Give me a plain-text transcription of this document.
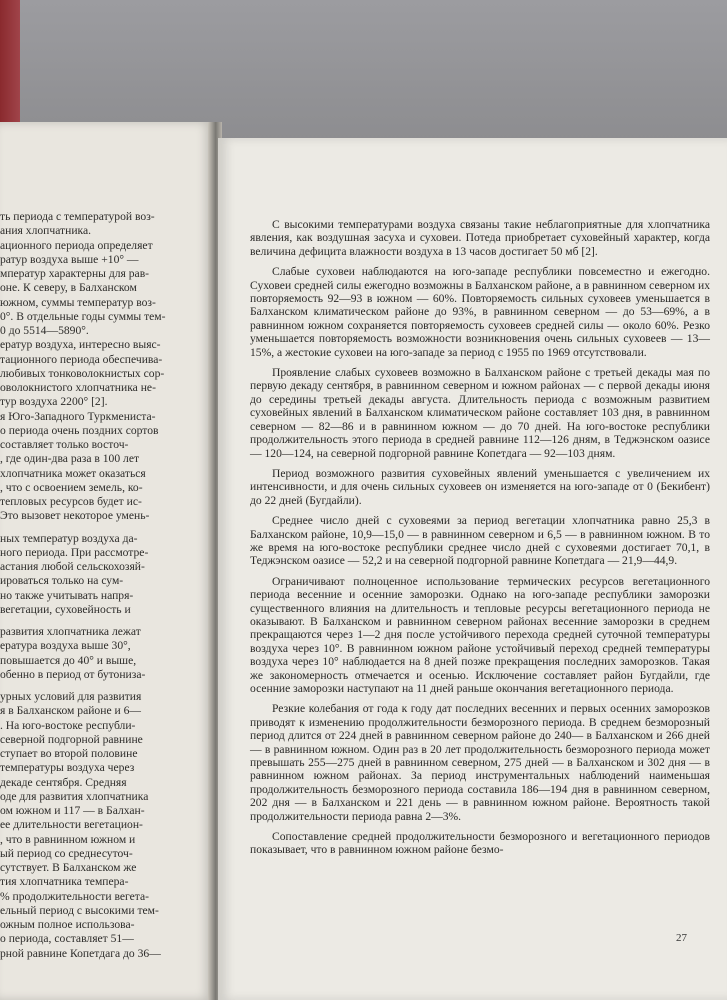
ть периода с температурой воз-
ания хлопчатника.
ационного периода определяет
ратур воздуха выше +10° —
мператур характерны для рав-
оне. К северу, в Балханском
южном, суммы температур воз-
0°. В отдельные годы суммы тем-
0 до 5514—5890°.
ератур воздуха, интересно выяс-
тационного периода обеспечива-
любивых тонковолокнистых сор-
оволокнистого хлопчатника не-
тур воздуха 2200° [2].
я Юго-Западного Туркмениста-
о периода очень поздних сортов
составляет только восточ-
, где один-два раза в 100 лет
хлопчатника может оказаться
, что с освоением земель, ко-
тепловых ресурсов будет ис-
Это вызовет некоторое умень-
ных температур воздуха да-
ного периода. При рассмотре-
астания любой сельскохозяй-
ироваться только на сум-
но также учитывать напря-
вегетации, суховейность и
развития хлопчатника лежат
ература воздуха выше 30°,
повышается до 40° и выше,
обенно в период от бутониза-
урных условий для развития
я в Балханском районе и 6—
. На юго-востоке республи-
северной подгорной равнине
ступает во второй половине
температуры воздуха через
декаде сентября. Средняя
оде для развития хлопчатника
ом южном и 117 — в Балхан-
ее длительности вегетацион-
, что в равнинном южном и
ый период со среднесуточ-
сутствует. В Балханском же
тия хлопчатника темпера-
% продолжительности вегета-
ельный период с высокими тем-
ожным полное использова-
о периода, составляет 51—
рной равнине Копетдага до 36—

С высокими температурами воздуха связаны такие неблагоприятные для хлопчатника явления, как воздушная засуха и суховеи. Потеда приобретает суховейный характер, когда величина дефицита влажности воздуха в 13 часов достигает 50 мб [2].

Слабые суховеи наблюдаются на юго-западе республики повсеместно и ежегодно. Суховеи средней силы ежегодно возможны в Балханском районе, а в равнинном северном их повторяемость 92—93 в южном — 60%. Повторяемость сильных суховеев уменьшается в Балханском климатическом районе до 93%, в равнинном северном — до 53—69%, а в равнинном южном сохраняется повторяемость суховеев средней силы — около 60%. Резко уменьшается повторяемость возможности возникновения очень сильных суховеев — 13—15%, а жестокие суховеи на юго-западе за период с 1955 по 1969 отсутствовали.

Проявление слабых суховеев возможно в Балханском районе с третьей декады мая по первую декаду сентября, в равнинном северном и южном районах — с первой декады июня до середины третьей декады августа. Длительность периода с возможным развитием суховейных явлений в Балханском климатическом районе составляет 103 дня, в равнинном северном — 82—86 и в равнинном южном — до 70 дней. На юго-востоке республики продолжительность этого периода в средней равнине 112—126 дням, в Теджэнском оазисе — 120—124, на северной подгорной равнине Копетдага — 92—103 дням.

Период возможного развития суховейных явлений уменьшается с увеличением их интенсивности, и для очень сильных суховеев он изменяется на юго-западе от 0 (Бекибент) до 22 дней (Бугдайли).

Среднее число дней с суховеями за период вегетации хлопчатника равно 25,3 в Балханском районе, 10,9—15,0 — в равнинном северном и 6,5 — в равнинном южном. В то же время на юго-востоке республики среднее число дней с суховеями достигает 70,1, в Теджэнском оазисе — 52,2 и на северной подгорной равнине Копетдага — 21,9—44,9.

Ограничивают полноценное использование термических ресурсов вегетационного периода весенние и осенние заморозки. Однако на юго-западе республики заморозки существенного влияния на длительность и тепловые ресурсы вегетационного периода не оказывают. В Балханском и равнинном северном районах весенние заморозки в среднем прекращаются через 1—2 дня после устойчивого перехода средней суточной температуры воздуха через 10°. В равнинном южном районе устойчивый переход средней температуры воздуха через 10° наблюдается на 8 дней позже прекращения последних заморозков. Такая же закономерность отмечается и осенью. Исключение составляет район Бугдайли, где осенние заморозки наступают на 11 дней раньше окончания вегетационного периода.

Резкие колебания от года к году дат последних весенних и первых осенних заморозков приводят к изменению продолжительности безморозного периода. В среднем безморозный период длится от 224 дней в равнинном северном районе до 240— в Балханском и 266 дней — в равнинном южном. Один раз в 20 лет продолжительность безморозного периода может превышать 255—275 дней в равнинном северном, 275 дней — в Балханском и 302 дня — в равнинном южном районах. За период инструментальных наблюдений наименьшая продолжительность безморозного периода составила 186—194 дня в равнинном северном, 202 дня — в Балханском и 221 день — в равнинном южном районе. Вероятность такой продолжительности периода равна 2—3%.

Сопоставление средней продолжительности безморозного и вегетационного периодов показывает, что в равнинном южном районе безмо-

27
